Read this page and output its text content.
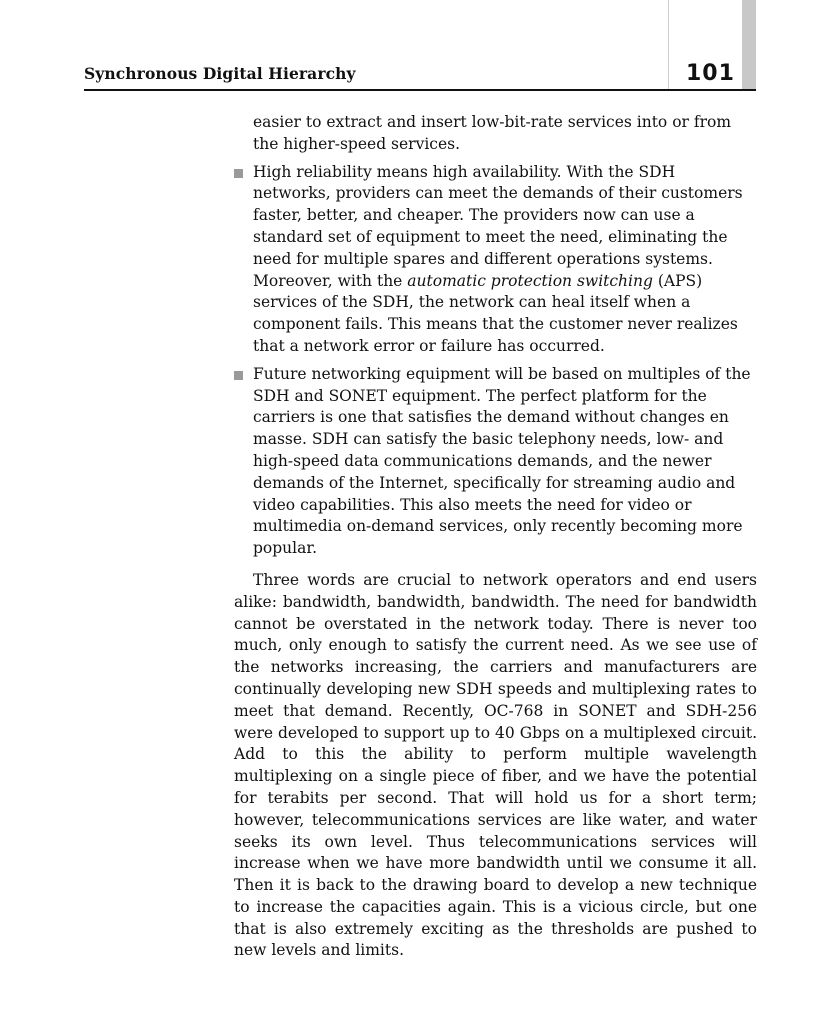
Synchronous Digital Hierarchy	101

easier to extract and insert low-bit-rate services into or from the higher-speed services.

High reliability means high availability. With the SDH networks, providers can meet the demands of their customers faster, better, and cheaper. The providers now can use a standard set of equipment to meet the need, eliminating the need for multiple spares and different operations systems. Moreover, with the automatic protection switching (APS) services of the SDH, the network can heal itself when a component fails. This means that the customer never realizes that a network error or failure has occurred.
Future networking equipment will be based on multiples of the SDH and SONET equipment. The perfect platform for the carriers is one that satisfies the demand without changes en masse. SDH can satisfy the basic telephony needs, low- and high-speed data communications demands, and the newer demands of the Internet, specifically for streaming audio and video capabilities. This also meets the need for video or multimedia on-demand services, only recently becoming more popular.

Three words are crucial to network operators and end users alike: bandwidth, bandwidth, bandwidth. The need for bandwidth cannot be overstated in the network today. There is never too much, only enough to satisfy the current need. As we see use of the networks increasing, the carriers and manufacturers are continually developing new SDH speeds and multiplexing rates to meet that demand. Recently, OC-768 in SONET and SDH-256 were developed to support up to 40 Gbps on a multiplexed circuit. Add to this the ability to perform multiple wavelength multiplexing on a single piece of fiber, and we have the potential for terabits per second. That will hold us for a short term; however, telecommunications services are like water, and water seeks its own level. Thus telecommunications services will increase when we have more bandwidth until we consume it all. Then it is back to the drawing board to develop a new technique to increase the capacities again. This is a vicious circle, but one that is also extremely exciting as the thresholds are pushed to new levels and limits.
